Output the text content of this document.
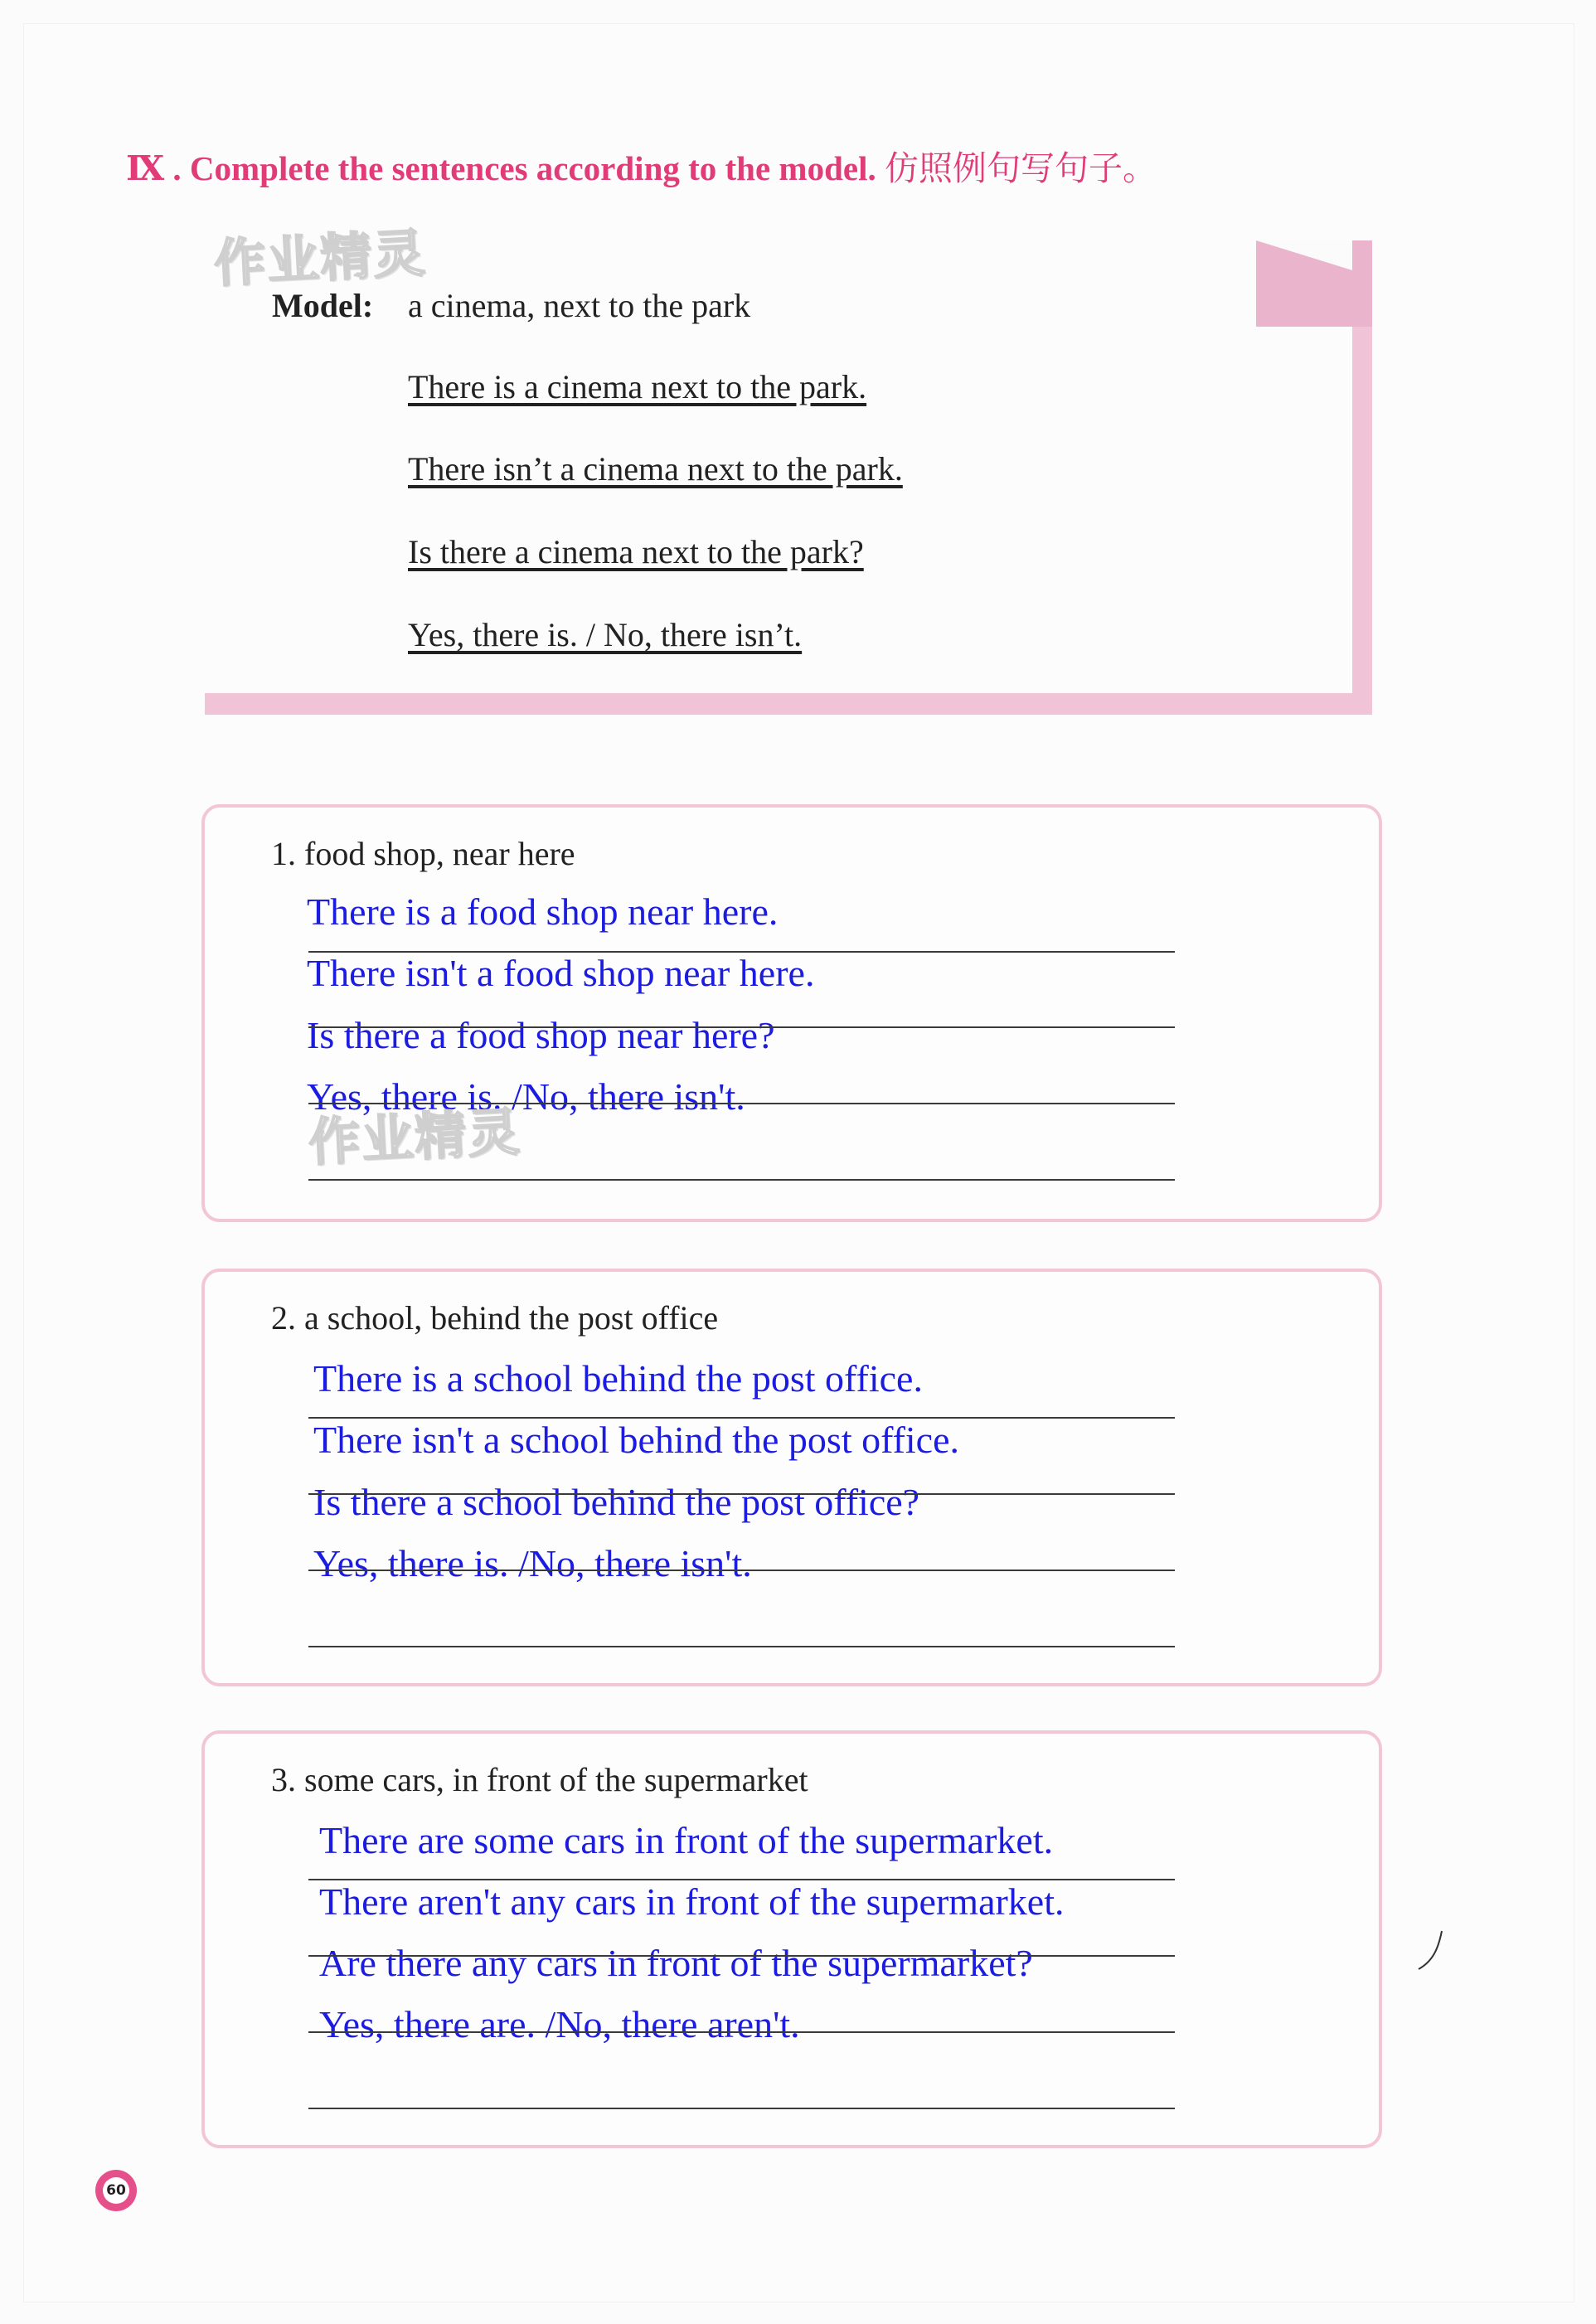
Ⅸ . Complete the sentences according to the model. 仿照例句写句子。
作业精灵
Model: a cinema, next to the park
There is a cinema next to the park.
There isn’t a cinema next to the park.
Is there a cinema next to the park?
Yes, there is. / No, there isn’t.
1. food shop, near here
There is a food shop near here.
There isn't a food shop near here.
Is there a food shop near here?
Yes, there is. /No, there isn't.
作业精灵
2. a school, behind the post office
There is a school behind the post office.
There isn't a school behind the post office.
Is there a school behind the post office?
Yes, there is. /No, there isn't.
3. some cars, in front of the supermarket
There are some cars in front of the supermarket.
There aren't any cars in front of the supermarket.
Are there any cars in front of the supermarket?
Yes, there are. /No, there aren't.
60
